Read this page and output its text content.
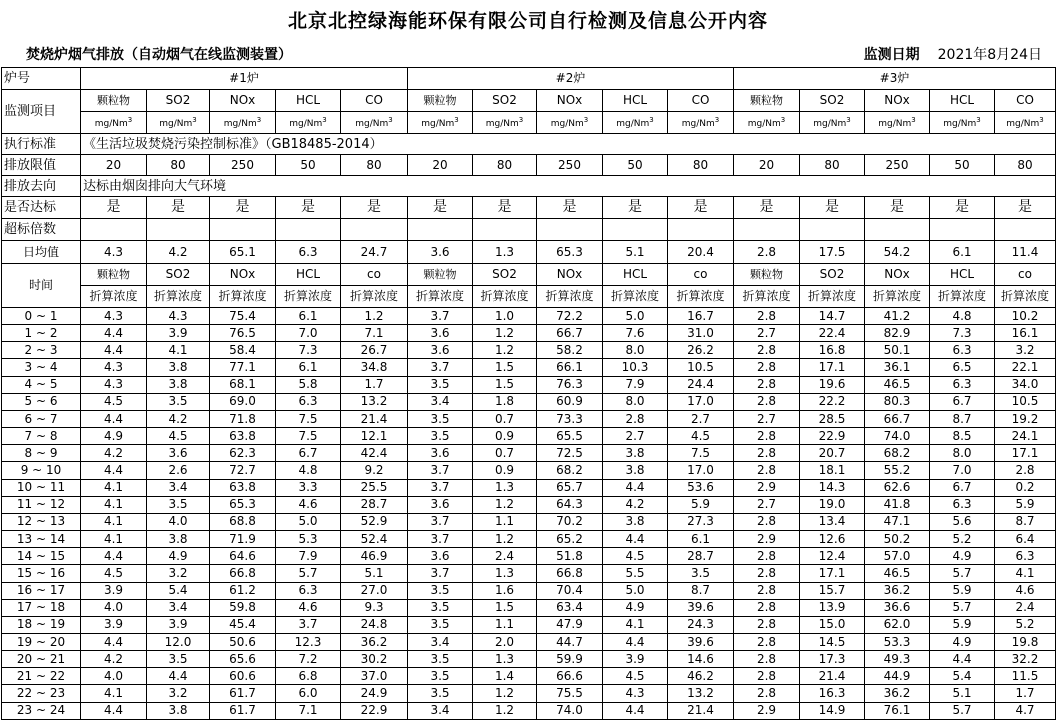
北京北控绿海能环保有限公司自行检测及信息公开内容
焚烧炉烟气排放（自动烟气在线监测装置）	监测日期 2021年8月24日
炉号	#1炉					#2炉					#3炉				
监测项目	颗粒物	SO2	NOx	HCL	CO	颗粒物	SO2	NOx	HCL	CO	颗粒物	SO2	NOx	HCL	CO
	mg/Nm$^3$	mg/Nm$^3$	mg/Nm$^3$	mg/Nm$^3$	mg/Nm$^3$	mg/Nm$^3$	mg/Nm$^3$	mg/Nm$^3$	mg/Nm$^3$	mg/Nm$^3$	mg/Nm$^3$	mg/Nm$^3$	mg/Nm$^3$	mg/Nm$^3$	mg/Nm$^3$
执行标准	《生活垃圾焚烧污染控制标准》（GB18485-2014）														
排放限值	20	80	250	50	80	20	80	250	50	80	20	80	250	50	80
排放去向	达标由烟囱排向大气环境														
是否达标	是	是	是	是	是	是	是	是	是	是	是	是	是	是	是
超标倍数															
日均值	4.3	4.2	65.1	6.3	24.7	3.6	1.3	65.3	5.1	20.4	2.8	17.5	54.2	6.1	11.4
时间	颗粒物	SO2	NOx	HCL	co	颗粒物	SO2	NOx	HCL	co	颗粒物	SO2	NOx	HCL	co
	折算浓度	折算浓度	折算浓度	折算浓度	折算浓度	折算浓度	折算浓度	折算浓度	折算浓度	折算浓度	折算浓度	折算浓度	折算浓度	折算浓度	折算浓度
0 ~ 1	4.3	4.3	75.4	6.1	1.2	3.7	1.0	72.2	5.0	16.7	2.8	14.7	41.2	4.8	10.2
1 ~ 2	4.4	3.9	76.5	7.0	7.1	3.6	1.2	66.7	7.6	31.0	2.7	22.4	82.9	7.3	16.1
2 ~ 3	4.4	4.1	58.4	7.3	26.7	3.6	1.2	58.2	8.0	26.2	2.8	16.8	50.1	6.3	3.2
3 ~ 4	4.3	3.8	77.1	6.1	34.8	3.7	1.5	66.1	10.3	10.5	2.8	17.1	36.1	6.5	22.1
4 ~ 5	4.3	3.8	68.1	5.8	1.7	3.5	1.5	76.3	7.9	24.4	2.8	19.6	46.5	6.3	34.0
5 ~ 6	4.5	3.5	69.0	6.3	13.2	3.4	1.8	60.9	8.0	17.0	2.8	22.2	80.3	6.7	10.5
6 ~ 7	4.4	4.2	71.8	7.5	21.4	3.5	0.7	73.3	2.8	2.7	2.7	28.5	66.7	8.7	19.2
7 ~ 8	4.9	4.5	63.8	7.5	12.1	3.5	0.9	65.5	2.7	4.5	2.8	22.9	74.0	8.5	24.1
8 ~ 9	4.2	3.6	62.3	6.7	42.4	3.6	0.7	72.5	3.8	7.5	2.8	20.7	68.2	8.0	17.1
9 ~ 10	4.4	2.6	72.7	4.8	9.2	3.7	0.9	68.2	3.8	17.0	2.8	18.1	55.2	7.0	2.8
10 ~ 11	4.1	3.4	63.8	3.3	25.5	3.7	1.3	65.7	4.4	53.6	2.9	14.3	62.6	6.7	0.2
11 ~ 12	4.1	3.5	65.3	4.6	28.7	3.6	1.2	64.3	4.2	5.9	2.7	19.0	41.8	6.3	5.9
12 ~ 13	4.1	4.0	68.8	5.0	52.9	3.7	1.1	70.2	3.8	27.3	2.8	13.4	47.1	5.6	8.7
13 ~ 14	4.1	3.8	71.9	5.3	52.4	3.7	1.2	65.2	4.4	6.1	2.9	12.6	50.2	5.2	6.4
14 ~ 15	4.4	4.9	64.6	7.9	46.9	3.6	2.4	51.8	4.5	28.7	2.8	12.4	57.0	4.9	6.3
15 ~ 16	4.5	3.2	66.8	5.7	5.1	3.7	1.3	66.8	5.5	3.5	2.8	17.1	46.5	5.7	4.1
16 ~ 17	3.9	5.4	61.2	6.3	27.0	3.5	1.6	70.4	5.0	8.7	2.8	15.7	36.2	5.9	4.6
17 ~ 18	4.0	3.4	59.8	4.6	9.3	3.5	1.5	63.4	4.9	39.6	2.8	13.9	36.6	5.7	2.4
18 ~ 19	3.9	3.9	45.4	3.7	24.8	3.5	1.1	47.9	4.1	24.3	2.8	15.0	62.0	5.9	5.2
19 ~ 20	4.4	12.0	50.6	12.3	36.2	3.4	2.0	44.7	4.4	39.6	2.8	14.5	53.3	4.9	19.8
20 ~ 21	4.2	3.5	65.6	7.2	30.2	3.5	1.3	59.9	3.9	14.6	2.8	17.3	49.3	4.4	32.2
21 ~ 22	4.0	4.4	60.6	6.8	37.0	3.5	1.4	66.6	4.5	46.2	2.8	21.4	44.9	5.4	11.5
22 ~ 23	4.1	3.2	61.7	6.0	24.9	3.5	1.2	75.5	4.3	13.2	2.8	16.3	36.2	5.1	1.7
23 ~ 24	4.4	3.8	61.7	7.1	22.9	3.4	1.2	74.0	4.4	21.4	2.9	14.9	76.1	5.7	4.7
